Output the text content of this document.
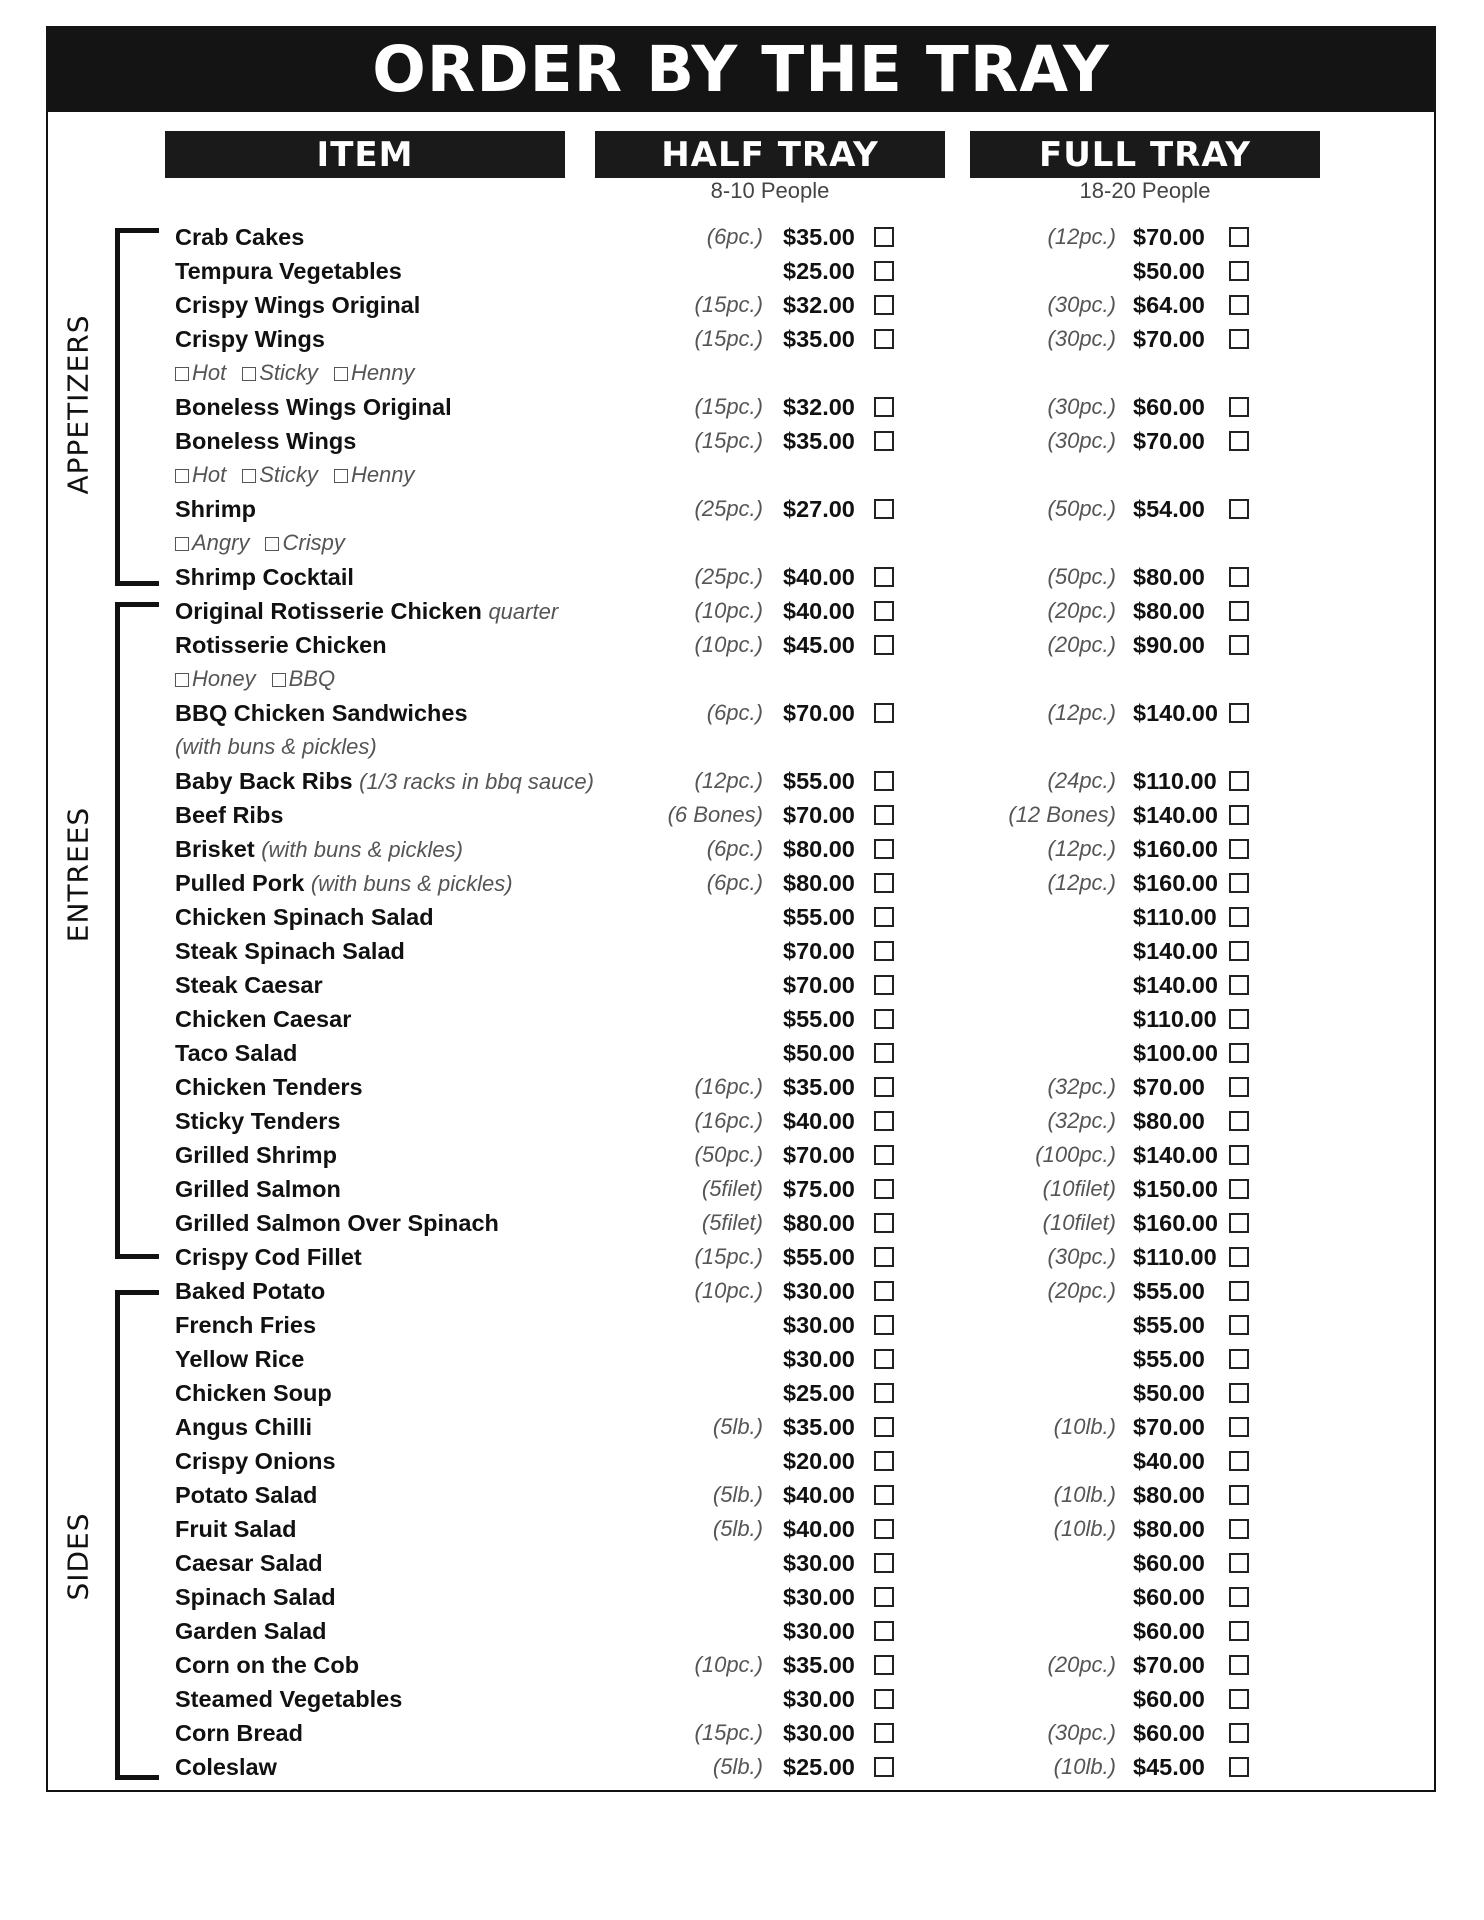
ORDER BY THE TRAY
ITEM	HALF TRAY	FULL TRAY
8-10 People	18-20 People
APPETIZERS
ENTREES
SIDES
Crab Cakes	(6pc.) $35.00	(12pc.) $70.00
Tempura Vegetables	$25.00	$50.00
Crispy Wings Original	(15pc.) $32.00	(30pc.) $64.00
Crispy Wings	(15pc.) $35.00	(30pc.) $70.00
Hot Sticky Henny
Boneless Wings Original	(15pc.) $32.00	(30pc.) $60.00
Boneless Wings	(15pc.) $35.00	(30pc.) $70.00
Hot Sticky Henny
Shrimp	(25pc.) $27.00	(50pc.) $54.00
Angry Crispy
Shrimp Cocktail	(25pc.) $40.00	(50pc.) $80.00
Original Rotisserie Chicken quarter	(10pc.) $40.00	(20pc.) $80.00
Rotisserie Chicken	(10pc.) $45.00	(20pc.) $90.00
Honey BBQ
BBQ Chicken Sandwiches	(6pc.) $70.00	(12pc.) $140.00
(with buns & pickles)
Baby Back Ribs (1/3 racks in bbq sauce)	(12pc.) $55.00	(24pc.) $110.00
Beef Ribs	(6 Bones) $70.00	(12 Bones) $140.00
Brisket (with buns & pickles)	(6pc.) $80.00	(12pc.) $160.00
Pulled Pork (with buns & pickles)	(6pc.) $80.00	(12pc.) $160.00
Chicken Spinach Salad	$55.00	$110.00
Steak Spinach Salad	$70.00	$140.00
Steak Caesar	$70.00	$140.00
Chicken Caesar	$55.00	$110.00
Taco Salad	$50.00	$100.00
Chicken Tenders	(16pc.) $35.00	(32pc.) $70.00
Sticky Tenders	(16pc.) $40.00	(32pc.) $80.00
Grilled Shrimp	(50pc.) $70.00	(100pc.) $140.00
Grilled Salmon	(5filet) $75.00	(10filet) $150.00
Grilled Salmon Over Spinach	(5filet) $80.00	(10filet) $160.00
Crispy Cod Fillet	(15pc.) $55.00	(30pc.) $110.00
Baked Potato	(10pc.) $30.00	(20pc.) $55.00
French Fries	$30.00	$55.00
Yellow Rice	$30.00	$55.00
Chicken Soup	$25.00	$50.00
Angus Chilli	(5lb.) $35.00	(10lb.) $70.00
Crispy Onions	$20.00	$40.00
Potato Salad	(5lb.) $40.00	(10lb.) $80.00
Fruit Salad	(5lb.) $40.00	(10lb.) $80.00
Caesar Salad	$30.00	$60.00
Spinach Salad	$30.00	$60.00
Garden Salad	$30.00	$60.00
Corn on the Cob	(10pc.) $35.00	(20pc.) $70.00
Steamed Vegetables	$30.00	$60.00
Corn Bread	(15pc.) $30.00	(30pc.) $60.00
Coleslaw	(5lb.) $25.00	(10lb.) $45.00
